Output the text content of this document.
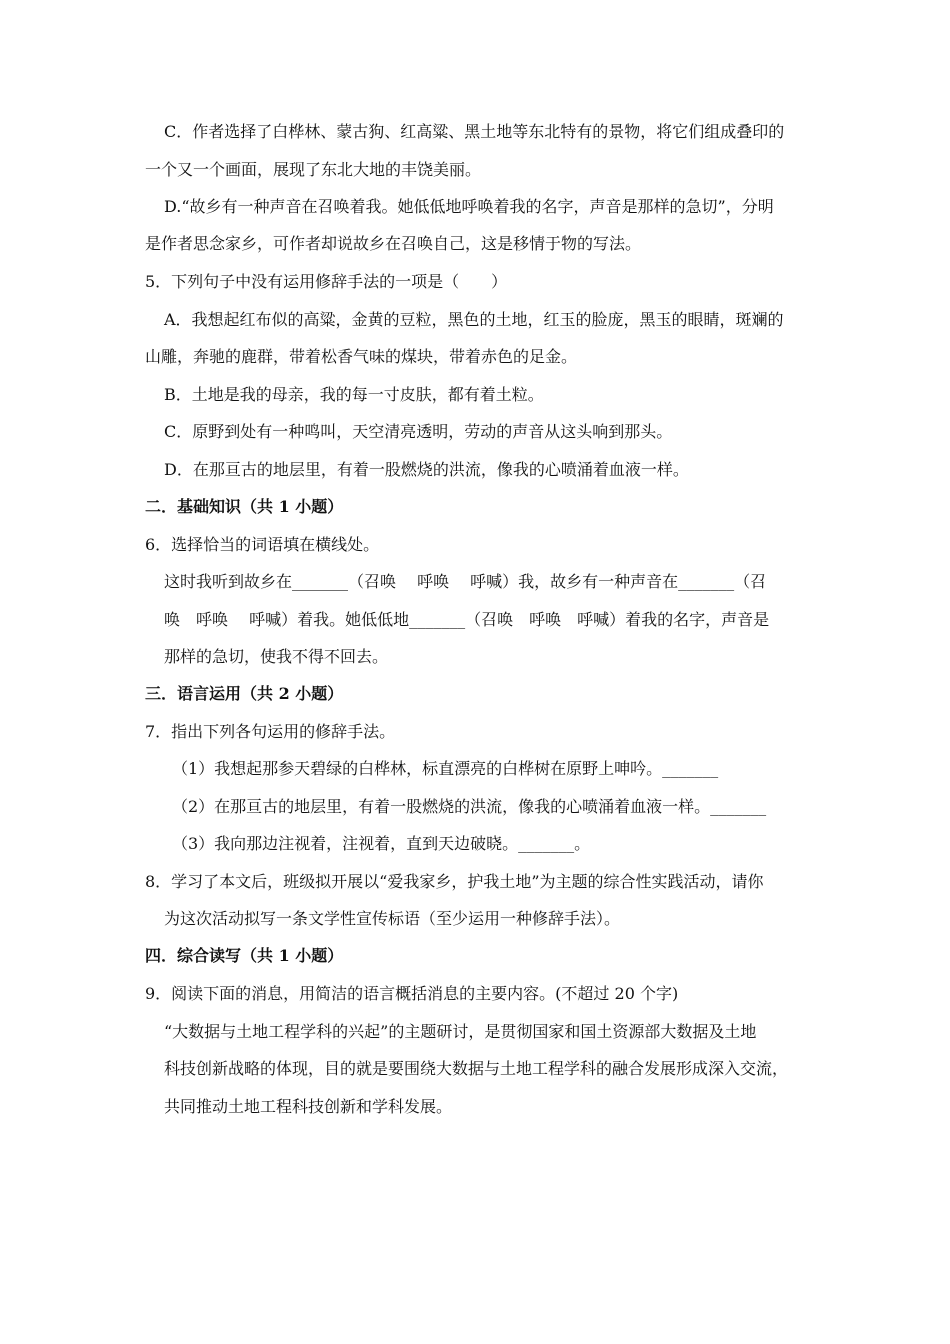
C．作者选择了白桦林、蒙古狗、红高粱、黑土地等东北特有的景物，将它们组成叠印的
一个又一个画面，展现了东北大地的丰饶美丽。
D.“故乡有一种声音在召唤着我。她低低地呼唤着我的名字，声音是那样的急切”，分明
是作者思念家乡，可作者却说故乡在召唤自己，这是移情于物的写法。
5．下列句子中没有运用修辞手法的一项是（　　）
A．我想起红布似的高粱，金黄的豆粒，黑色的土地，红玉的脸庞，黑玉的眼睛，斑斓的
山雕，奔驰的鹿群，带着松香气味的煤块，带着赤色的足金。
B．土地是我的母亲，我的每一寸皮肤，都有着土粒。
C．原野到处有一种鸣叫，天空清亮透明，劳动的声音从这头响到那头。
D．在那亘古的地层里，有着一股燃烧的洪流，像我的心喷涌着血液一样。
二．基础知识（共 1 小题）
6．选择恰当的词语填在横线处。
这时我听到故乡在_______（召唤　 呼唤　 呼喊）我，故乡有一种声音在_______（召
唤　呼唤　 呼喊）着我。她低低地_______（召唤　呼唤　呼喊）着我的名字，声音是
那样的急切，使我不得不回去。
三．语言运用（共 2 小题）
7．指出下列各句运用的修辞手法。
（1）我想起那参天碧绿的白桦林，标直漂亮的白桦树在原野上呻吟。_______
（2）在那亘古的地层里，有着一股燃烧的洪流，像我的心喷涌着血液一样。_______
（3）我向那边注视着，注视着，直到天边破晓。_______。
8．学习了本文后，班级拟开展以“爱我家乡，护我土地”为主题的综合性实践活动，请你
为这次活动拟写一条文学性宣传标语（至少运用一种修辞手法）。
四．综合读写（共 1 小题）
9．阅读下面的消息，用简洁的语言概括消息的主要内容。(不超过 20 个字)
“大数据与土地工程学科的兴起”的主题研讨，是贯彻国家和国土资源部大数据及土地
科技创新战略的体现，目的就是要围绕大数据与土地工程学科的融合发展形成深入交流，
共同推动土地工程科技创新和学科发展。
